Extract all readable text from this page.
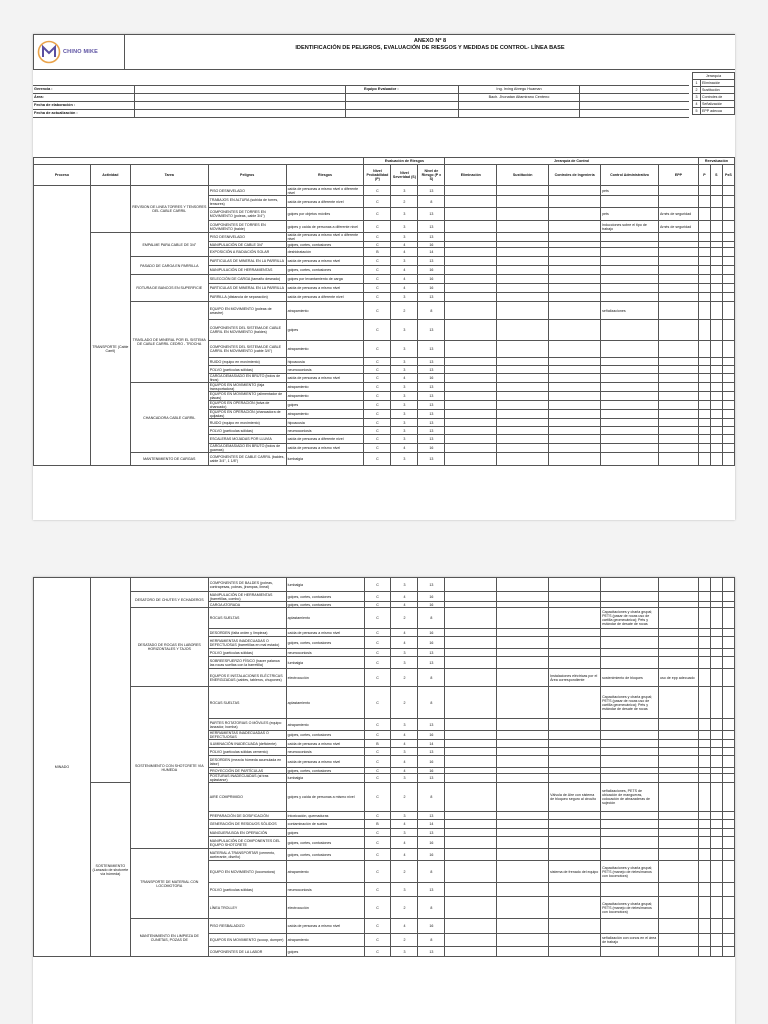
CHINO MIKE
ANEXO Nº 8
IDENTIFICACIÓN DE PELIGROS, EVALUACIÓN DE RIESGOS Y MEDIDAS DE CONTROL- LÍNEA BASE
Jerarquía
1	Eliminación
2	Sustitución
3	Controles de
4	Señalización
5	EPP adecua
Gerencia :	Equipo Evaluador :	Ing. Irving Abregu Huaman
Área:	Bach. Jhonatan Altamirano Centeno
Fecha de elaboración :
Fecha de actualización :
					Evaluación de Riesgos			Jerarquía de Control					Reevaluación		
Proceso	Actividad	Tarea	Peligros	Riesgos	Nivel Probabilidad (P)	Nivel Severidad (S)	Nivel de Riesgo (P x S)	Eliminación	Sustitución	Controles de Ingeniería	Control Administrativo	EPP	P	S	PxS
		REVISION DE LINEA TORRES Y TENSORES DEL CABLE CARRIL	PISO DESNIVELADO	caída de personas a mismo nivel o diferente nivel	C	3	13				pets				
			TRABAJOS EN ALTURA (subida de torres, tensores)	caída de personas a diferente nivel	C	2	8								
			COMPONENTES DE TORRES EN MOVIMIENTO (poleas, cable 3/4")	golpes por objetos móviles	C	3	13				pets	Arnés de seguridad			
			COMPONENTES DE TORRES EN MOVIMIENTO (balde)	golpes y caída de personas a diferente nivel	C	3	13				Inducciones sobre el tipo de trabajo	Arnés de seguridad			
	TRANSPORTE (Cable Carril)	EMPALME PARA CABLE DE 3/4"	PISO DESNIVELADO	caída de personas a mismo nivel o diferente nivel	C	3	13								
			MANIPULACIÓN DE CABLE 3/4"	golpes, cortes, contusiones	C	4	16								
			EXPOSICIÓN A RADIACIÓN SOLAR	deshidratación	B	4	14								
		PASADO DE CARGA EN PARRILLA	PARTICULAS DE MINERAL EN LA PARRILLA	caída de personas a mismo nivel	C	3	13								
			MANIPULACIÓN DE HERRAMIENTAS	golpes, cortes, contusiones	C	4	16								
		ROTURA DE BANCOS EN SUPERFICIE	SELECCIÓN DE CARGA (tamaño deseado)	golpes por levantamiento de carga	C	4	16								
			PARTICULAS DE MINERAL EN LA PARRILLA	caída de personas a mismo nivel	C	4	16								
			PARRILLA (distancia de separación)	caída de personas a diferente nivel	C	3	13								
		TRASLADO DE MINERAL POR EL SISTEMA DE CABLE CARRIL CEDRO - TROCHA	EQUIPO EN MOVIMIENTO (poleas de arrastre)	atrapamiento	C	2	8				señalizaciones				
			COMPONENTES DEL SISTEMA DE CABLE CARRIL EN MOVIMIENTO (baldes)	golpes	C	3	13								
			COMPONENTES DEL SISTEMA DE CABLE CARRIL EN MOVIMIENTO (cable 3/4")	atrapamiento	C	3	13								
			RUIDO (equipo en movimiento)	hipoacusia	C	3	13								
			POLVO (partículas sólidas)	neumoconiosis	C	3	13								
			CARGA DEMASIADO EN BRUTO (bolos de finos)	caída de personas a mismo nivel	C	4	16								
		CHANCADORA CABLE CARRIL	EQUIPOS EN MOVIMIENTO (faja transportadora)	atrapamiento	C	3	13								
			EQUIPOS EN MOVIMIENTO (alimentador de placas)	atrapamiento	C	3	13								
			EQUIPOS EN OPERACIÓN (tolva de chancado)	golpes	C	3	13								
			EQUIPOS EN OPERACIÓN (chancadora de quijadas)	atrapamiento	C	3	13								
			RUIDO (equipo en movimiento)	hipoacusia	C	3	13								
			POLVO (partículas sólidas)	neumoconiosis	C	3	13								
			ESCALERAS MOJADAS POR LLUVIA	caída de personas a diferente nivel	C	3	13								
			CARGA DEMASIADO EN BRUTO (bolos de guamas)	caída de personas a mismo nivel	C	4	16								
		MANTENIMIENTO DE CARGAS	COMPONENTES DE CABLE CARRIL (baldes, cable 3/4", 1 1/8")	lumbalgia	C	3	13								
MINADO			COMPONENTES DE BALDES (poleas, contrapesas, poleas, jirampas, lineal)	lumbalgia	C	3	13								
		DESATORO DE CHUTES Y ECHADEROS	MANIPULACIÓN DE HERRAMIENTAS (barretillas, combo)	golpes, cortes, contusiones	C	4	16								
			CARGA ATORADA	golpes, cortes, contusiones	C	4	16								
		DESATADO DE ROCAS EN LABORES HORIZONTALES Y TAJOS	ROCAS SUELTAS	aplastamiento	C	2	8				Capacitaciones y charla grupal; PETS (pasar de rocas uso de cartilla geomecánica); Pets y estándar de desate de rocas				
			DESORDEN (falta orden y limpieza)	caída de personas a mismo nivel	C	4	16								
			HERRAMIENTAS INADECUADAS O DEFECTUOSAS (barretillas en mal estado)	golpes, cortes, contusiones	C	4	16								
			POLVO (partículas sólidas)	neumoconiosis	C	3	13								
			SOBREESFUERZO FÍSICO (hacer palanca las rocas sueltas con la barretilla)	lumbalgia	C	3	13								
			EQUIPOS E INSTALACIONES ELÉCTRICAS ENERGIZADAS (cables, tableros, chupones)	electrocución	C	2	8			Instalaciones eléctricas por el Área correspondiente	sostenimiento de bloques	uso de epp adecuado			
		SOSTENIMIENTO CON SHOTCRETE VIA HUMEDA	ROCAS SUELTAS	aplastamiento	C	2	8				Capacitaciones y charla grupal; PETS (pasar de rocas uso de cartilla geomecánica); Pets y estándar de desate de rocas				
			PARTES ROTATORIAS O MÓVILES (equipo lanzador, bomba)	atrapamiento	C	3	13								
			HERRAMIENTAS INADECUADAS O DEFECTUOSAS	golpes, cortes, contusiones	C	4	16								
			ILUMINACIÓN INADECUADA (deficiente)	caída de personas a mismo nivel	B	4	14								
			POLVO (partículas sólidas cemento)	neumoconiosis	C	3	13								
			DESORDEN (mezcla húmeda acumulada en labor)	caída de personas a mismo nivel	C	4	16								
			PROYECCIÓN DE PARTÍCULAS	golpes, cortes, contusiones	C	4	16								
			POSTURAS INADECUADAS (al tras aplastarse)	lumbalgia	C	3	13								
	SOSTENIMIENTO (Lanzado de shotcrete vía húmeda)		AIRE COMPRIMIDO	golpes y caída de personas a mismo nivel	C	2	8			Válvula de Aire con sistema de bloqueo seguro al circuito	señalizaciones, PETS de ubicación de mangueras, colocación de abrazaderas de sujeción				
			PREPARACIÓN DE DOSIFICACIÓN	intoxicación, quemaduras	C	3	13								
			GENERACIÓN DE RESIDUOS SÓLIDOS	contaminación de suelos	B	4	14								
			MANGUERA BOA EN OPERACIÓN	golpes	C	3	13								
			MANIPULACIÓN DE COMPONENTES DEL EQUIPO SHOTCRETE	golpes, cortes, contusiones	C	4	16								
		TRANSPORTE DE MATERIAL CON LOCOMOTORA	MATERIAL A TRANSPORTAR (cemento, acelerante, diseño)	golpes, cortes, contusiones	C	4	16								
			EQUIPO EN MOVIMIENTO (locomotora)	atrapamiento	C	2	8			sistema de frenado del equipo	Capacitaciones y charla grupal; PETS (manejo de rieles/manos con locomotora)				
			POLVO (partículas sólidas)	neumoconiosis	C	3	13								
			LÍNEA TROLLEY	electrocución	C	2	8				Capacitaciones y charla grupal; PETS (manejo de rieles/manos con locomotora)				
		MANTENIMIENTO EN LIMPIEZA DE CUNETAS, POZAS DE	PISO RESBALADIZO	caída de personas a mismo nivel	C	4	16								
			EQUIPOS EN MOVIMIENTO (scoop, dumper)	atrapamiento	C	2	8				señalización con conos en el área de trabajo				
			COMPONENTES DE LA LABOR	golpes	C	3	13								
